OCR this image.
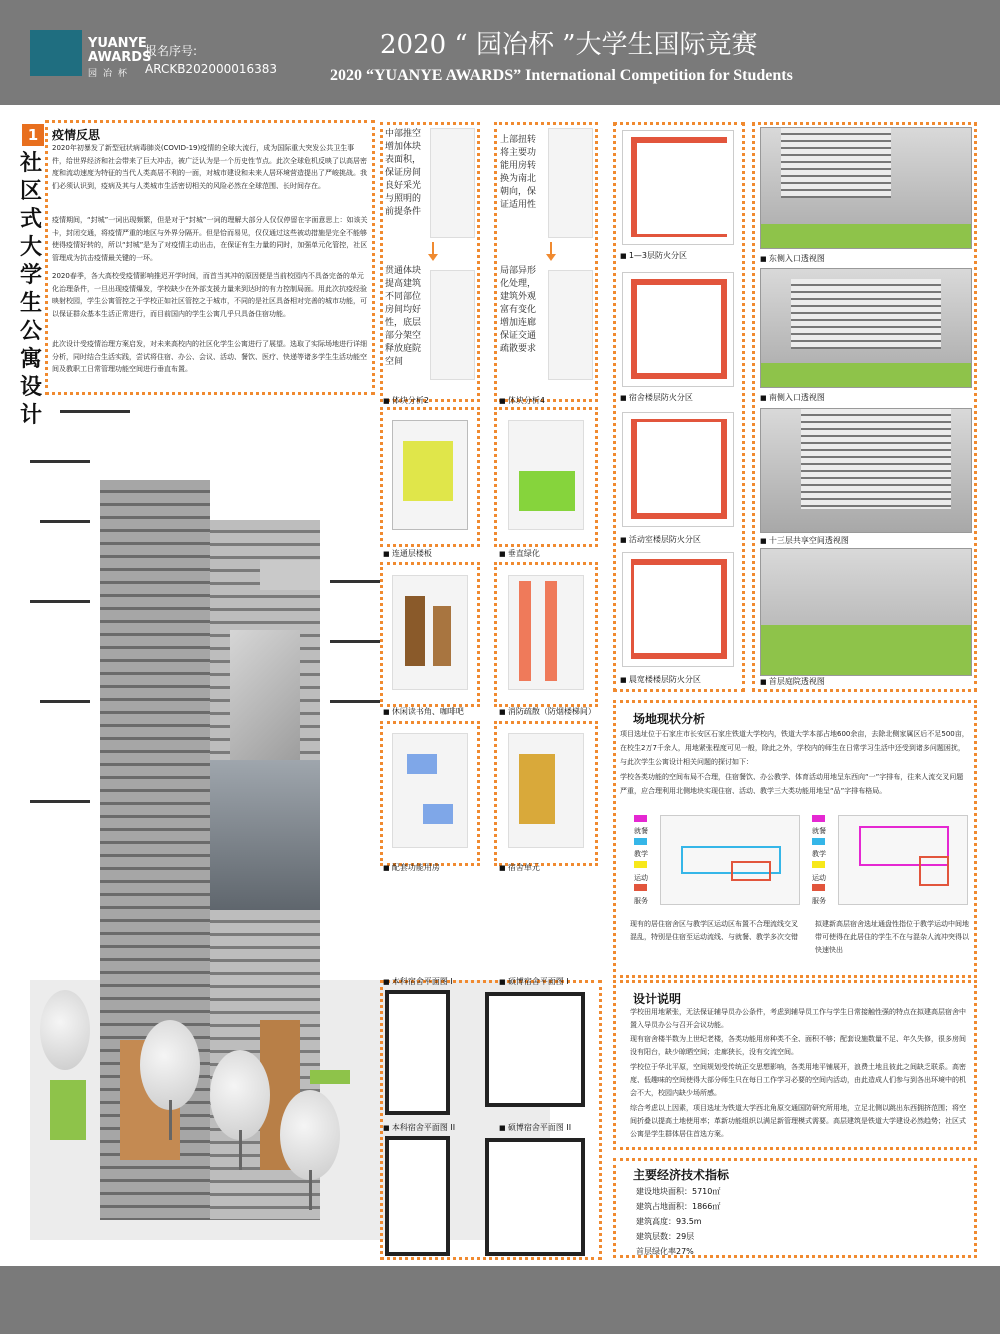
YUANYE
AWARDS
园冶杯
报名序号:
ARCKB202000016383
2020 “ 园冶杯 ”大学生国际竞赛
2020 “YUANYE AWARDS” International Competition for Students
1
社区式大学生公寓设计
疫情反思
2020年初暴发了新型冠状病毒肺炎(COVID-19)疫情的全球大流行，成为国际重大突发公共卫生事件，给世界经济和社会带来了巨大冲击，被广泛认为是一个历史性节点。此次全球危机反映了以高居密度和流动速度为特征的当代人类高居不利的一面，对城市建设和未来人居环境营造提出了严峻挑战。我们必须认识到，疫病及其与人类城市生活密切相关的风险必然在全球范围、长时间存在。
疫情期间，“封城”一词出现频繁，但是对于“封城”一词的理解大部分人仅仅停留在字面意思上：如该关卡，封闭交通，将疫情严重的地区与外界分隔开。但是恰而易见，仅仅通过这些被动措施是完全不能够使得疫情好转的，所以“封城”是为了对疫情主动出击，在保证有生力量的同时，加强单元化管控，社区管理成为抗击疫情最关键的一环。
2020春季，各大高校受疫情影响推迟开学时间，而首当其冲的原因便是当前校园内不具备完备的单元化治理条件，一旦出现疫情爆发，学校缺少在外部支援力量来到达时的有力控制局面。用此次抗疫经验映射校园，学生公寓管控之于学校正如社区管控之于城市，不同的是社区具备相对完善的城市功能，可以保证群众基本生活正常进行，而目前国内的学生公寓几乎只具备住宿功能。
此次设计受疫情治理方案启发，对未来高校内的社区化学生公寓进行了展望。选取了实际场地进行详细分析，同时结合生活实践，尝试将住宿、办公、会议、活动、餐饮、医疗、快递等诸多学生生活功能空间及教职工日常管理功能空间进行垂直布置。
中部推空增加体块表面积，保证房间良好采光与照明的前提条件
贯通体块提高建筑不同部位房间均好性，底层部分架空释放庭院空间
上部扭转将主要功能用房转换为南北朝向，保证适用性
局部异形化处理，建筑外观富有变化增加连廊保证交通疏散要求
■ 体块分析2	■ 体块分析4
■ 连通层楼板	■ 垂直绿化
■ 休闲读书角、咖啡吧	■ 消防疏散（防烟楼梯间）
■ 配套功能用房	■ 宿舍单元
■ 1—3层防火分区
■ 宿舍楼层防火分区
■ 活动室楼层防火分区
■ 晨宽楼楼层防火分区
■ 东侧入口透视图
■ 南侧入口透视图
■ 十三层共享空间透视图
■ 首层庭院透视图
场地现状分析
项目选址位于石家庄市长安区石家庄铁道大学校内，铁道大学本部占地600余亩，去除北侧家属区后不足500亩，在校生2万7千余人，用地紧张程度可见一般，除此之外，学校内的师生在日常学习生活中还受到诸多问题困扰，与此次学生公寓设计相关问题的探讨如下：
学校各类功能的空间布局不合理，住宿餐饮、办公教学、体育活动用地呈东西向“一”字排布，往来人流交叉问题严重，应合理利用北侧地块实现住宿、活动、教学三大类功能用地呈“品”字排布格局。
就餐
教学
运动
服务
就餐
教学
运动
服务
现有的居住宿舍区与教学区运动区布置不合理流线交叉混乱，特别是住宿至运动流线、与就餐、教学多次交错
拟建新高层宿舍选址通盘性指位于教学运动中间地带可使得在此居住的学生不在与混杂人流冲突得以快速快出
■ 本科宿舍平面图 I	■ 硕博宿舍平面图 I
■ 本科宿舍平面图 II	■ 硕博宿舍平面图 II
设计说明
学校田用地紧张，无法保证辅导员办公条件，考虑到辅导员工作与学生日常接触性强的特点在拟建高层宿舍中置入导员办公与召开会议功能。
现有宿舍楼半数为上世纪老楼，各类功能用房种类不全、面积不够；配套设施数量不足、年久失修，很多房间没有阳台，缺少晾晒空间；走廊狭长，没有交流空间。
学校位于华北平原，空间规划受传统正交思想影响，各类用地平铺展开，浪费土地且彼此之间缺乏联系。高密度、低趣味的空间使得大部分师生只在每日工作学习必要的空间内活动，由此造成人们参与到各出环境中的机会不大，校园内缺少场所感。
综合考虑以上因素，项目选址为铁道大学西北角原交通国防研究所用地，立足北侧以跳出东西拥挤范围；将空间折叠以提高土地使用率；革新功能组织以满足新管理模式需要。高层建筑是铁道大学建设必然趋势；社区式公寓是学生群体居住首选方案。
主要经济技术指标
建设地块面积：5710㎡
建筑占地面积：1866㎡
建筑高度：93.5m
建筑层数：29层
首层绿化率27%
